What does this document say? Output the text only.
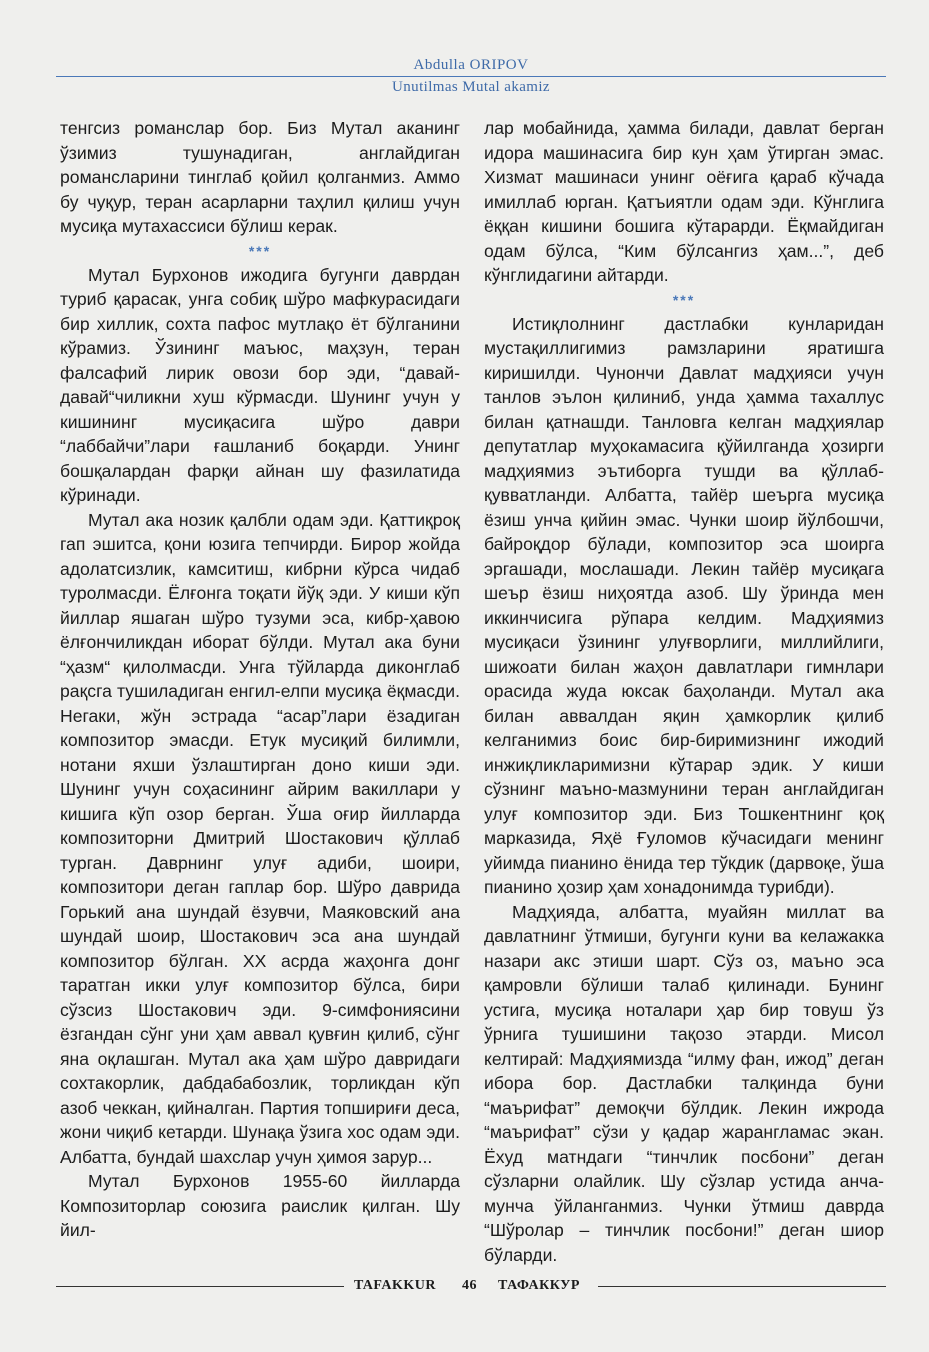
Abdulla ORIPOV
Unutilmas Mutal akamiz

тенгсиз романслар бор. Биз Мутал аканинг ўзимиз тушунадиган, англайдиган романсларини тинглаб қойил қолганмиз. Аммо бу чуқур, теран асарларни таҳлил қилиш учун мусиқа мутахассиси бўлиш керак.

***

Мутал Бурхонов ижодига бугунги даврдан туриб қарасак, унга собиқ шўро мафкурасидаги бир хиллик, сохта пафос мутлақо ёт бўлганини кўрамиз. Ўзининг маъюс, маҳзун, теран фалсафий лирик овози бор эди, “давай-давай“чиликни хуш кўрмасди. Шунинг учун у кишининг мусиқасига шўро даври “лаббайчи”лари ғашланиб боқарди. Унинг бошқалардан фарқи айнан шу фазилатида кўринади.

Мутал ака нозик қалбли одам эди. Қаттиқроқ гап эшитса, қони юзига тепчирди. Бирор жойда адолатсизлик, камситиш, кибрни кўрса чидаб туролмасди. Ёлғонга тоқати йўқ эди. У киши кўп йиллар яшаган шўро тузуми эса, кибр-ҳавою ёлғончиликдан иборат бўлди. Мутал ака буни “ҳазм“ қилолмасди. Унга тўйларда диконглаб рақсга тушиладиган енгил-елпи мусиқа ёқмасди. Негаки, жўн эстрада “асар”лари ёзадиган композитор эмасди. Етук мусиқий билимли, нотани яхши ўзлаштирган доно киши эди. Шунинг учун соҳасининг айрим вакиллари у кишига кўп озор берган. Ўша оғир йилларда композиторни Дмитрий Шостакович қўллаб турган. Даврнинг улуғ адиби, шоири, композитори деган гаплар бор. Шўро даврида Горький ана шундай ёзувчи, Маяковский ана шундай шоир, Шостакович эса ана шундай композитор бўлган. ХХ асрда жаҳонга донг таратган икки улуғ композитор бўлса, бири сўзсиз Шостакович эди. 9-симфониясини ёзгандан сўнг уни ҳам аввал қувғин қилиб, сўнг яна оқлашган. Мутал ака ҳам шўро давридаги сохтакорлик, дабдабабозлик, торликдан кўп азоб чеккан, қийналган. Партия топшириғи деса, жони чиқиб кетарди. Шунақа ўзига хос одам эди. Албатта, бундай шахслар учун ҳимоя зарур...

Мутал Бурхонов 1955-60 йилларда Композиторлар союзига раислик қилган. Шу йил-

лар мобайнида, ҳамма билади, давлат берган идора машинасига бир кун ҳам ўтирган эмас. Хизмат машинаси унинг оёғига қараб кўчада имиллаб юрган. Қатъиятли одам эди. Кўнглига ёққан кишини бошига кўтарарди. Ёқмайдиган одам бўлса, “Ким бўлсангиз ҳам...”, деб кўнглидагини айтарди.

***

Истиқлолнинг дастлабки кунларидан мустақиллигимиз рамзларини яратишга киришилди. Чунончи Давлат мадҳияси учун танлов эълон қилиниб, унда ҳамма тахаллус билан қатнашди. Танловга келган мадҳиялар депутатлар муҳокамасига қўйилганда ҳозирги мадҳиямиз эътиборга тушди ва қўллаб-қувватланди. Албатта, тайёр шеърга мусиқа ёзиш унча қийин эмас. Чунки шоир йўлбошчи, байроқдор бўлади, композитор эса шоирга эргашади, мослашади. Лекин тайёр мусиқага шеър ёзиш ниҳоятда азоб. Шу ўринда мен иккинчисига рўпара келдим. Мадҳиямиз мусиқаси ўзининг улуғворлиги, миллийлиги, шижоати билан жаҳон давлатлари гимнлари орасида жуда юксак баҳоланди. Мутал ака билан аввалдан яқин ҳамкорлик қилиб келганимиз боис бир-биримизнинг ижодий инжиқликларимизни кўтарар эдик. У киши сўзнинг маъно-мазмунини теран англайдиган улуғ композитор эди. Биз Тошкентнинг қоқ марказида, Яҳё Ғуломов кўчасидаги менинг уйимда пианино ёнида тер тўкдик (дарвоқе, ўша пианино ҳозир ҳам хонадонимда турибди).

Мадҳияда, албатта, муайян миллат ва давлатнинг ўтмиши, бугунги куни ва келажакка назари акс этиши шарт. Сўз оз, маъно эса қамровли бўлиши талаб қилинади. Бунинг устига, мусиқа ноталари ҳар бир товуш ўз ўрнига тушишини тақозо этарди. Мисол келтирай: Мадҳиямизда “илму фан, ижод” деган ибора бор. Дастлабки талқинда буни “маърифат” демоқчи бўлдик. Лекин ижрода “маърифат” сўзи у қадар жарангламас экан. Ёхуд матндаги “тинчлик посбони” деган сўзларни олайлик. Шу сўзлар устида анча-мунча ўйланганмиз. Чунки ўтмиш даврда “Шўролар – тинчлик посбони!” деган шиор бўларди.

TAFAKKUR 46 ТАФАККУР
